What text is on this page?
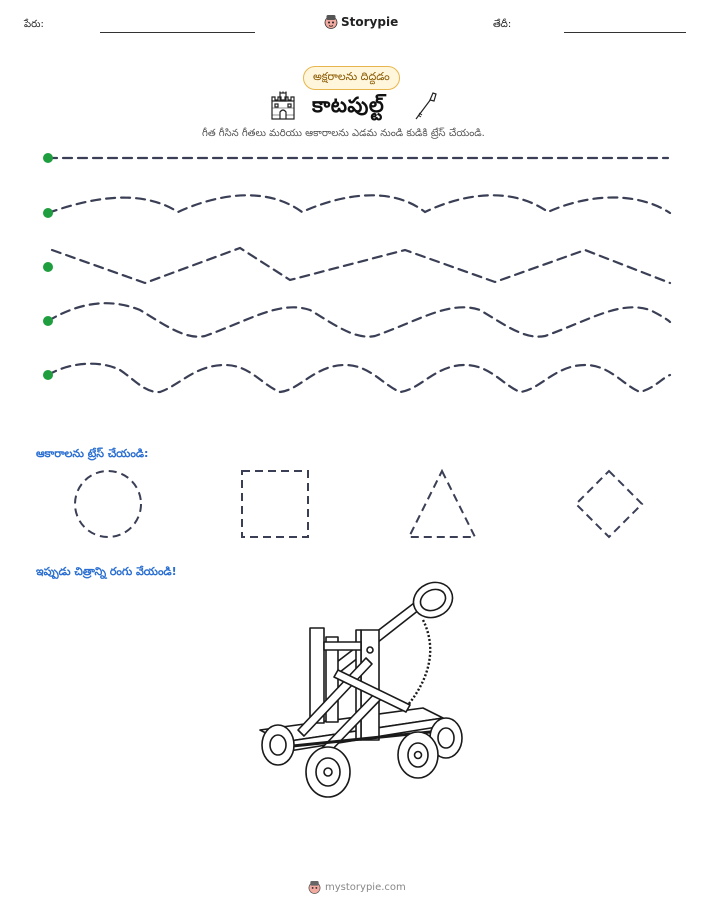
పేరు:	Storypie	తేదీ:
అక్షరాలను దిద్దడం
కాటపుల్ట్
గీత గీసిన గీతలు మరియు ఆకారాలను ఎడమ నుండి కుడికి ట్రేస్ చేయండి.
ఆకారాలను ట్రేస్ చేయండి:
ఇప్పుడు చిత్రాన్ని రంగు వేయండి!
mystorypie.com
